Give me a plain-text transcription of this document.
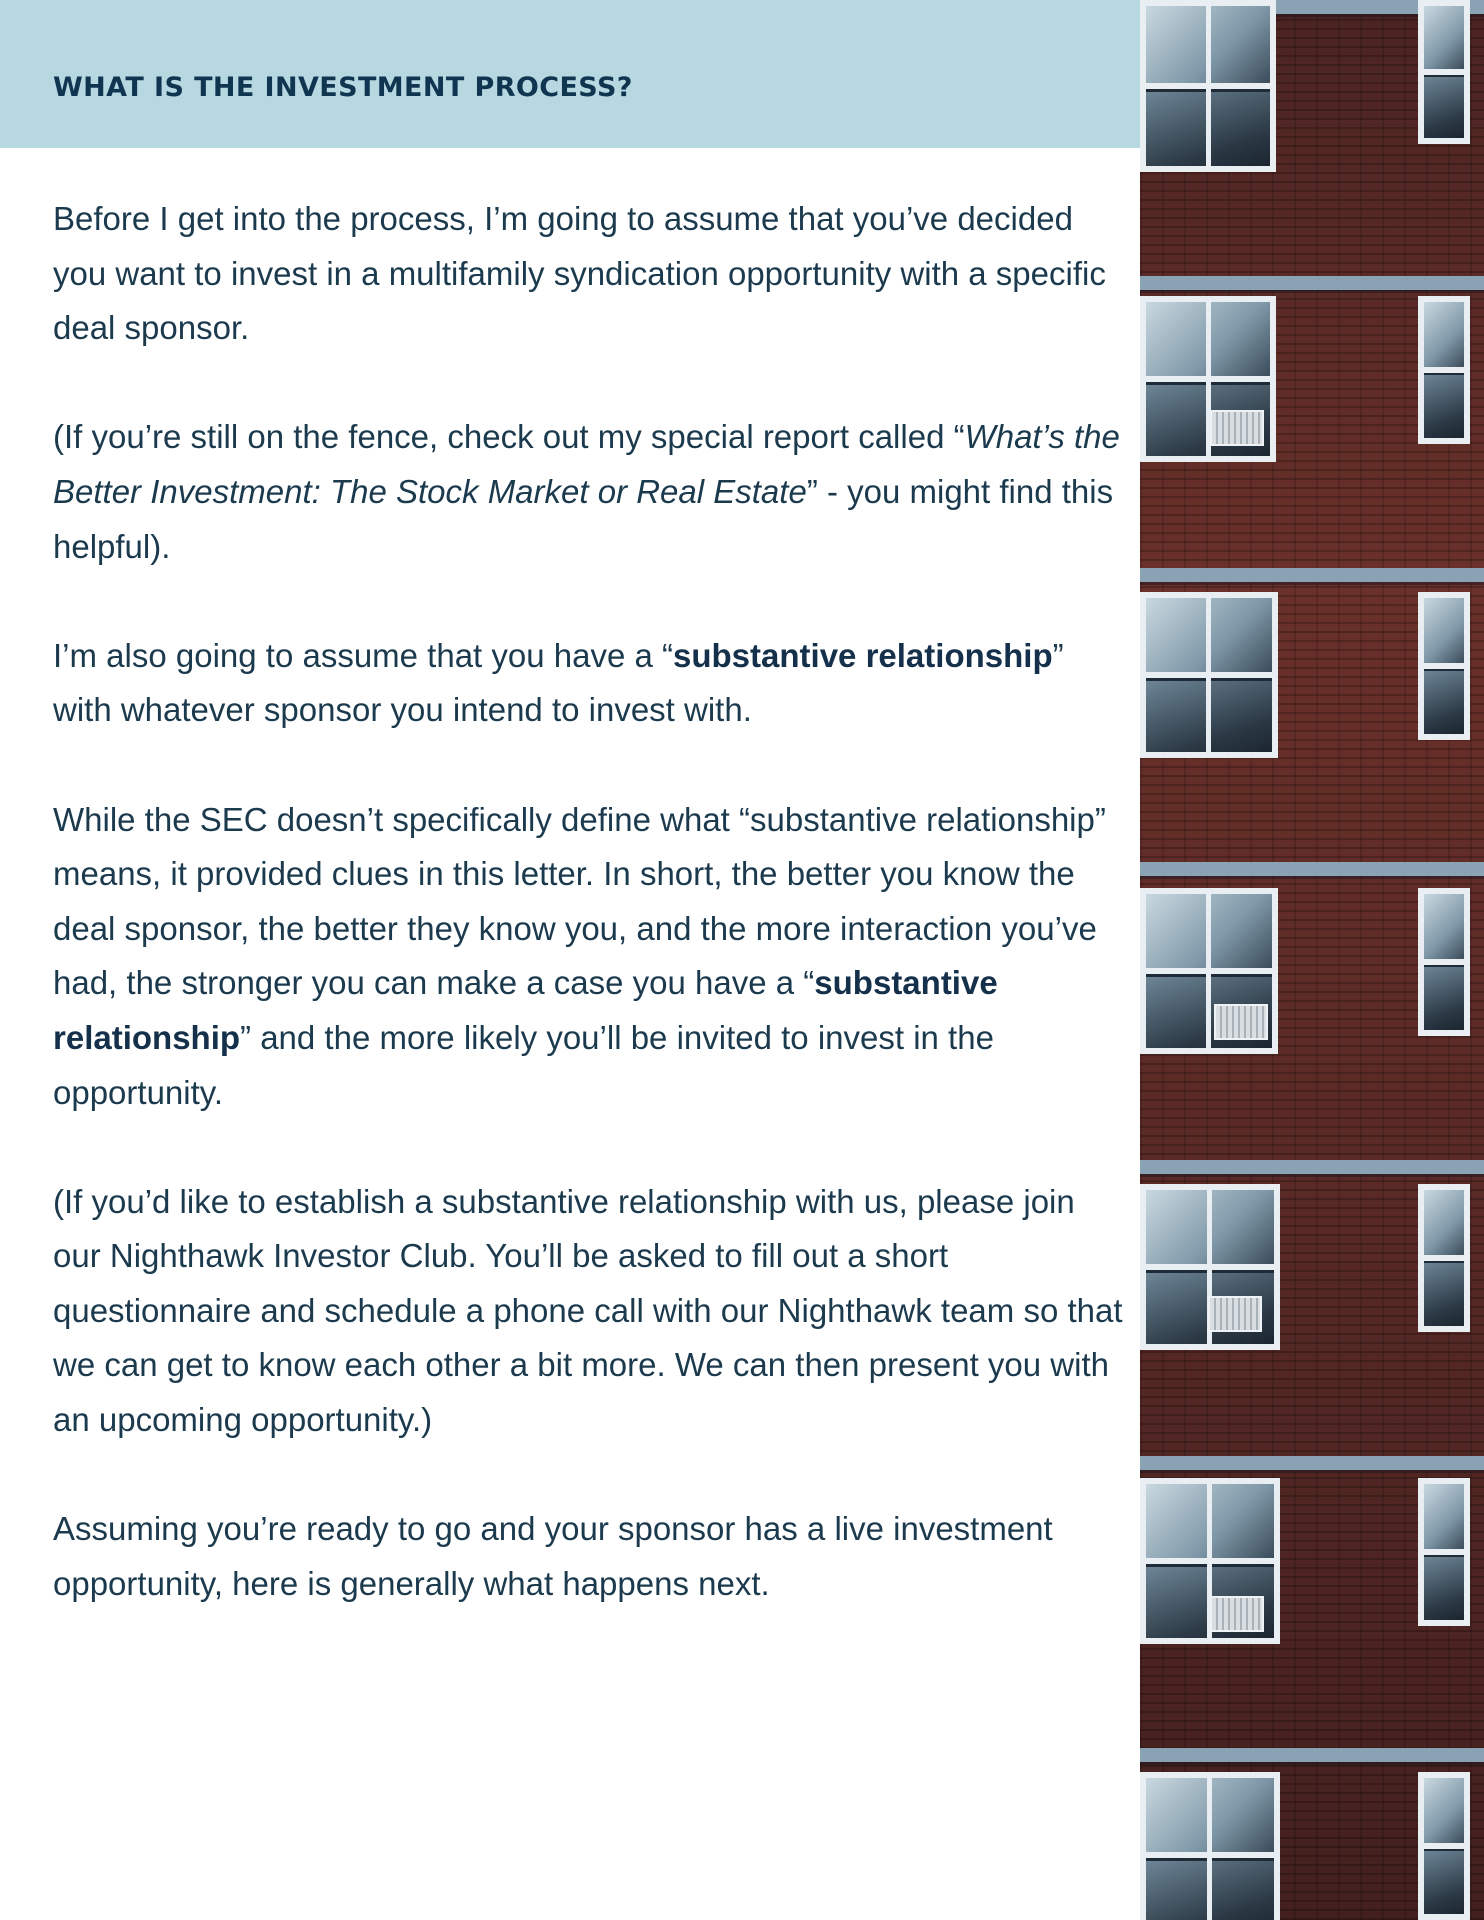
WHAT IS THE INVESTMENT PROCESS?

Before I get into the process, I’m going to assume that you’ve decided you want to invest in a multifamily syndication opportunity with a specific deal sponsor.

(If you’re still on the fence, check out my special report called “What’s the Better Investment: The Stock Market or Real Estate” - you might find this helpful).

I’m also going to assume that you have a “substantive relationship” with whatever sponsor you intend to invest with.

While the SEC doesn’t specifically define what “substantive relationship” means, it provided clues in this letter. In short, the better you know the deal sponsor, the better they know you, and the more interaction you’ve had, the stronger you can make a case you have a “substantive relationship” and the more likely you’ll be invited to invest in the opportunity.

(If you’d like to establish a substantive relationship with us, please join our Nighthawk Investor Club. You’ll be asked to fill out a short questionnaire and schedule a phone call with our Nighthawk team so that we can get to know each other a bit more. We can then present you with an upcoming opportunity.)

Assuming you’re ready to go and your sponsor has a live investment opportunity, here is generally what happens next.
